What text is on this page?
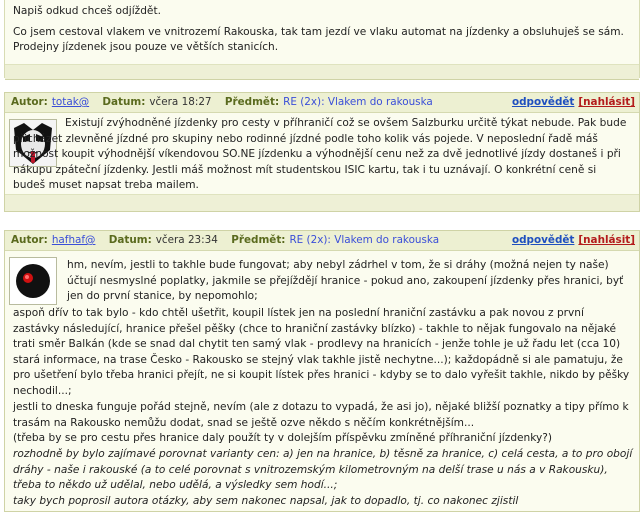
Napiš odkud chceš odjíždět.
Co jsem cestoval vlakem ve vnitrozemí Rakouska, tak tam jezdí ve vlaku automat na jízdenky a obsluhuješ se sám. Prodejny jízdenek jsou pouze ve větších stanicích.
Autor: totak@ Datum: včera 18:27 Předmět: RE (2x): Vlakem do rakouska	odpovědět [nahlásit]
Existují zvýhodněné jízdenky pro cesty v příhraničí což se ovšem Salzburku určitě týkat nebude. Pak bude přicházet zlevněné jízdné pro skupiny nebo rodinné jízdné podle toho kolik vás pojede. V neposlední řadě máš možnost koupit výhodnější víkendovou SO.NE jízdenku a výhodnější cenu než za dvě jednotlivé jízdy dostaneš i při nákupu zpáteční jízdenky. Jestli máš možnost mít studentskou ISIC kartu, tak i tu uznávají. O konkrétní ceně si budeš muset napsat treba mailem.
Autor: hafhaf@ Datum: včera 23:34 Předmět: RE (2x): Vlakem do rakouska	odpovědět [nahlásit]
hm, nevím, jestli to takhle bude fungovat; aby nebyl zádrhel v tom, že si dráhy (možná nejen ty naše) účtují nesmyslné poplatky, jakmile se přejíždějí hranice - pokud ano, zakoupení jízdenky přes hranici, byť jen do první stanice, by nepomohlo;
aspoň dřív to tak bylo - kdo chtěl ušetřit, koupil lístek jen na poslední hraniční zastávku a pak novou z první zastávky následující, hranice přešel pěšky (chce to hraniční zastávky blízko) - takhle to nějak fungovalo na nějaké trati směr Balkán (kde se snad dal chytit ten samý vlak - prodlevy na hranicích - jenže tohle je už řadu let (cca 10) stará informace, na trase Česko - Rakousko se stejný vlak takhle jistě nechytne...); každopádně si ale pamatuju, že pro ušetření bylo třeba hranici přejít, ne si koupit lístek přes hranici - kdyby se to dalo vyřešit takhle, nikdo by pěšky nechodil...;
jestli to dneska funguje pořád stejně, nevím (ale z dotazu to vypadá, že asi jo), nějaké bližší poznatky a tipy přímo k trasám na Rakousko nemůžu dodat, snad se ještě ozve někdo s něčím konkrétnějším...
(třeba by se pro cestu přes hranice daly použít ty v dolejším příspěvku zmíněné příhraniční jízdenky?)
rozhodně by bylo zajímavé porovnat varianty cen: a) jen na hranice, b) těsně za hranice, c) celá cesta, a to pro obojí dráhy - naše i rakouské (a to celé porovnat s vnitrozemským kilometrovným na delší trase u nás a v Rakousku),
třeba to někdo už udělal, nebo udělá, a výsledky sem hodí...;
taky bych poprosil autora otázky, aby sem nakonec napsal, jak to dopadlo, tj. co nakonec zjistil
